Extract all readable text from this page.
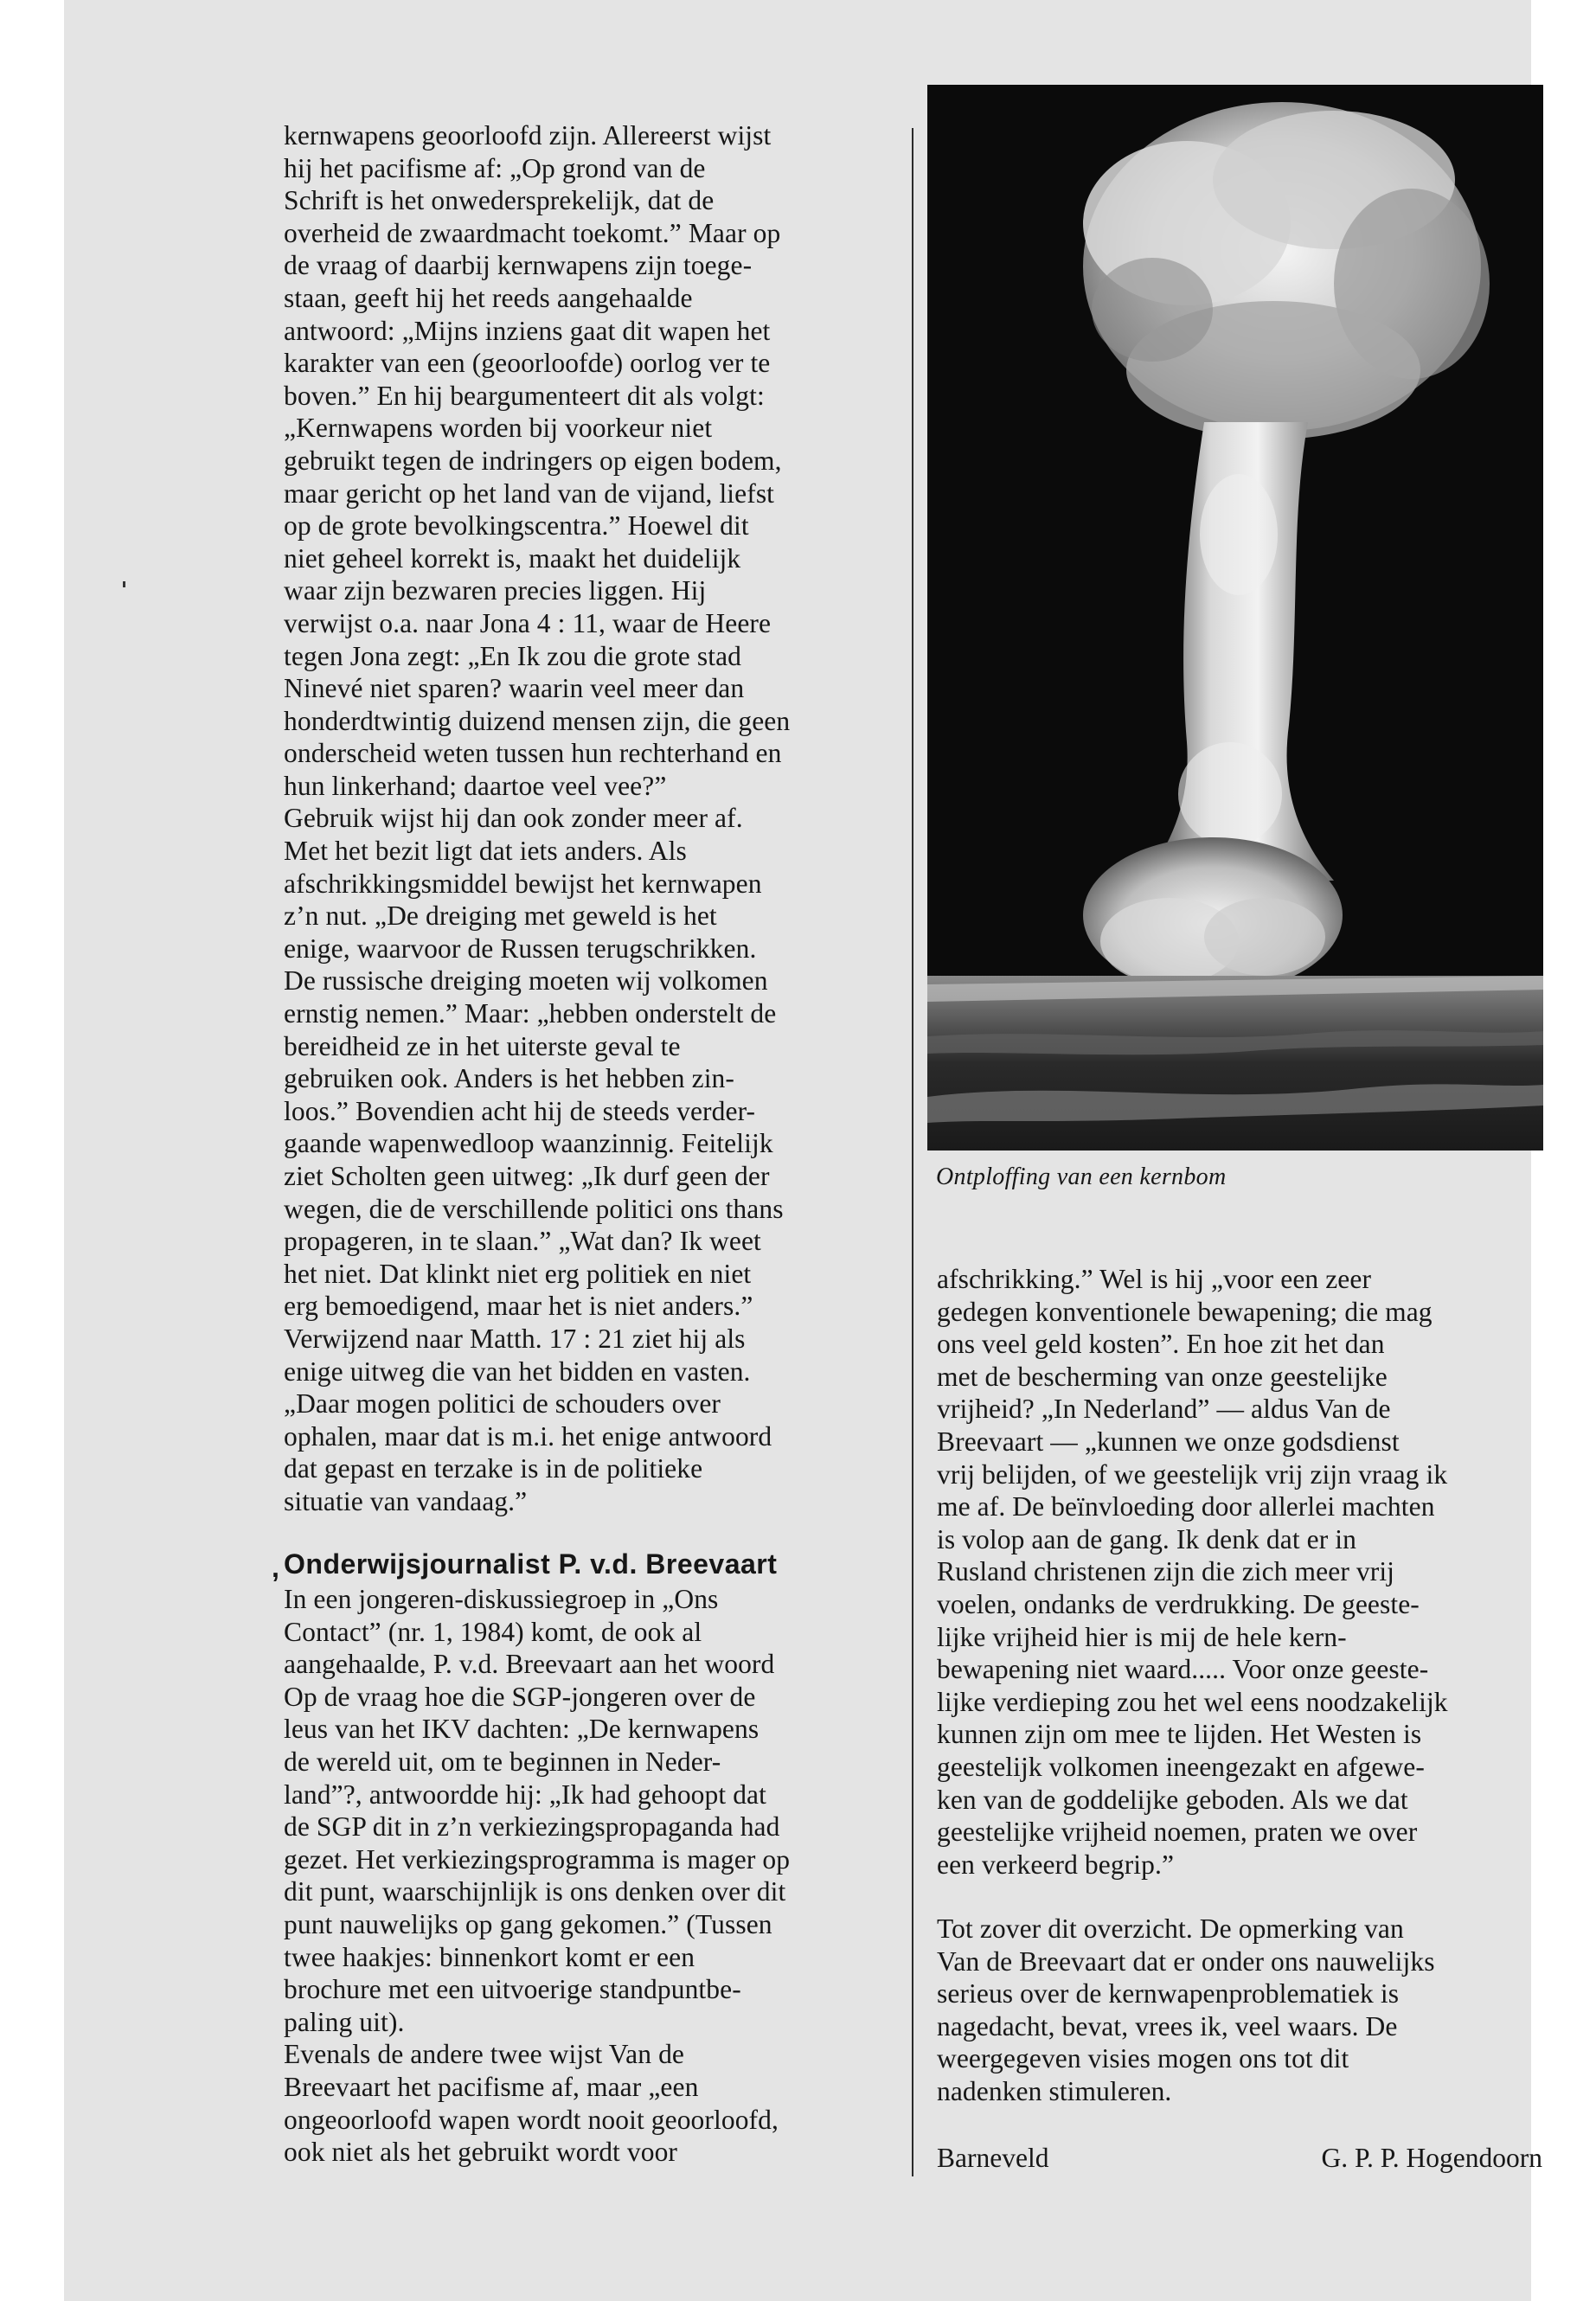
kernwapens geoorloofd zijn. Allereerst wijst
hij het pacifisme af: „Op grond van de
Schrift is het onwedersprekelijk, dat de
overheid de zwaardmacht toekomt.” Maar op
de vraag of daarbij kernwapens zijn toege-
staan, geeft hij het reeds aangehaalde
antwoord: „Mijns inziens gaat dit wapen het
karakter van een (geoorloofde) oorlog ver te
boven.” En hij beargumenteert dit als volgt:
„Kernwapens worden bij voorkeur niet
gebruikt tegen de indringers op eigen bodem,
maar gericht op het land van de vijand, liefst
op de grote bevolkingscentra.” Hoewel dit
niet geheel korrekt is, maakt het duidelijk
waar zijn bezwaren precies liggen. Hij
verwijst o.a. naar Jona 4 : 11, waar de Heere
tegen Jona zegt: „En Ik zou die grote stad
Ninevé niet sparen? waarin veel meer dan
honderdtwintig duizend mensen zijn, die geen
onderscheid weten tussen hun rechterhand en
hun linkerhand; daartoe veel vee?”
Gebruik wijst hij dan ook zonder meer af.
Met het bezit ligt dat iets anders. Als
afschrikkingsmiddel bewijst het kernwapen
z’n nut. „De dreiging met geweld is het
enige, waarvoor de Russen terugschrikken.
De russische dreiging moeten wij volkomen
ernstig nemen.” Maar: „hebben onderstelt de
bereidheid ze in het uiterste geval te
gebruiken ook. Anders is het hebben zin-
loos.” Bovendien acht hij de steeds verder-
gaande wapenwedloop waanzinnig. Feitelijk
ziet Scholten geen uitweg: „Ik durf geen der
wegen, die de verschillende politici ons thans
propageren, in te slaan.” „Wat dan? Ik weet
het niet. Dat klinkt niet erg politiek en niet
erg bemoedigend, maar het is niet anders.”
Verwijzend naar Matth. 17 : 21 ziet hij als
enige uitweg die van het bidden en vasten.
„Daar mogen politici de schouders over
ophalen, maar dat is m.i. het enige antwoord
dat gepast en terzake is in de politieke
situatie van vandaag.”
, Onderwijsjournalist P. v.d. Breevaart
In een jongeren-diskussiegroep in „Ons
Contact” (nr. 1, 1984) komt, de ook al
aangehaalde, P. v.d. Breevaart aan het woord
Op de vraag hoe die SGP-jongeren over de
leus van het IKV dachten: „De kernwapens
de wereld uit, om te beginnen in Neder-
land”?, antwoordde hij: „Ik had gehoopt dat
de SGP dit in z’n verkiezingspropaganda had
gezet. Het verkiezingsprogramma is mager op
dit punt, waarschijnlijk is ons denken over dit
punt nauwelijks op gang gekomen.” (Tussen
twee haakjes: binnenkort komt er een
brochure met een uitvoerige standpuntbe-
paling uit).
Evenals de andere twee wijst Van de
Breevaart het pacifisme af, maar „een
ongeoorloofd wapen wordt nooit geoorloofd,
ook niet als het gebruikt wordt voor
Ontploffing van een kernbom
afschrikking.” Wel is hij „voor een zeer
gedegen konventionele bewapening; die mag
ons veel geld kosten”. En hoe zit het dan
met de bescherming van onze geestelijke
vrijheid? „In Nederland” — aldus Van de
Breevaart — „kunnen we onze godsdienst
vrij belijden, of we geestelijk vrij zijn vraag ik
me af. De beïnvloeding door allerlei machten
is volop aan de gang. Ik denk dat er in
Rusland christenen zijn die zich meer vrij
voelen, ondanks de verdrukking. De geeste-
lijke vrijheid hier is mij de hele kern-
bewapening niet waard..... Voor onze geeste-
lijke verdieping zou het wel eens noodzakelijk
kunnen zijn om mee te lijden. Het Westen is
geestelijk volkomen ineengezakt en afgewe-
ken van de goddelijke geboden. Als we dat
geestelijke vrijheid noemen, praten we over
een verkeerd begrip.”
Tot zover dit overzicht. De opmerking van
Van de Breevaart dat er onder ons nauwelijks
serieus over de kernwapenproblematiek is
nagedacht, bevat, vrees ik, veel waars. De
weergegeven visies mogen ons tot dit
nadenken stimuleren.
Barneveld	G. P. P. Hogendoorn
